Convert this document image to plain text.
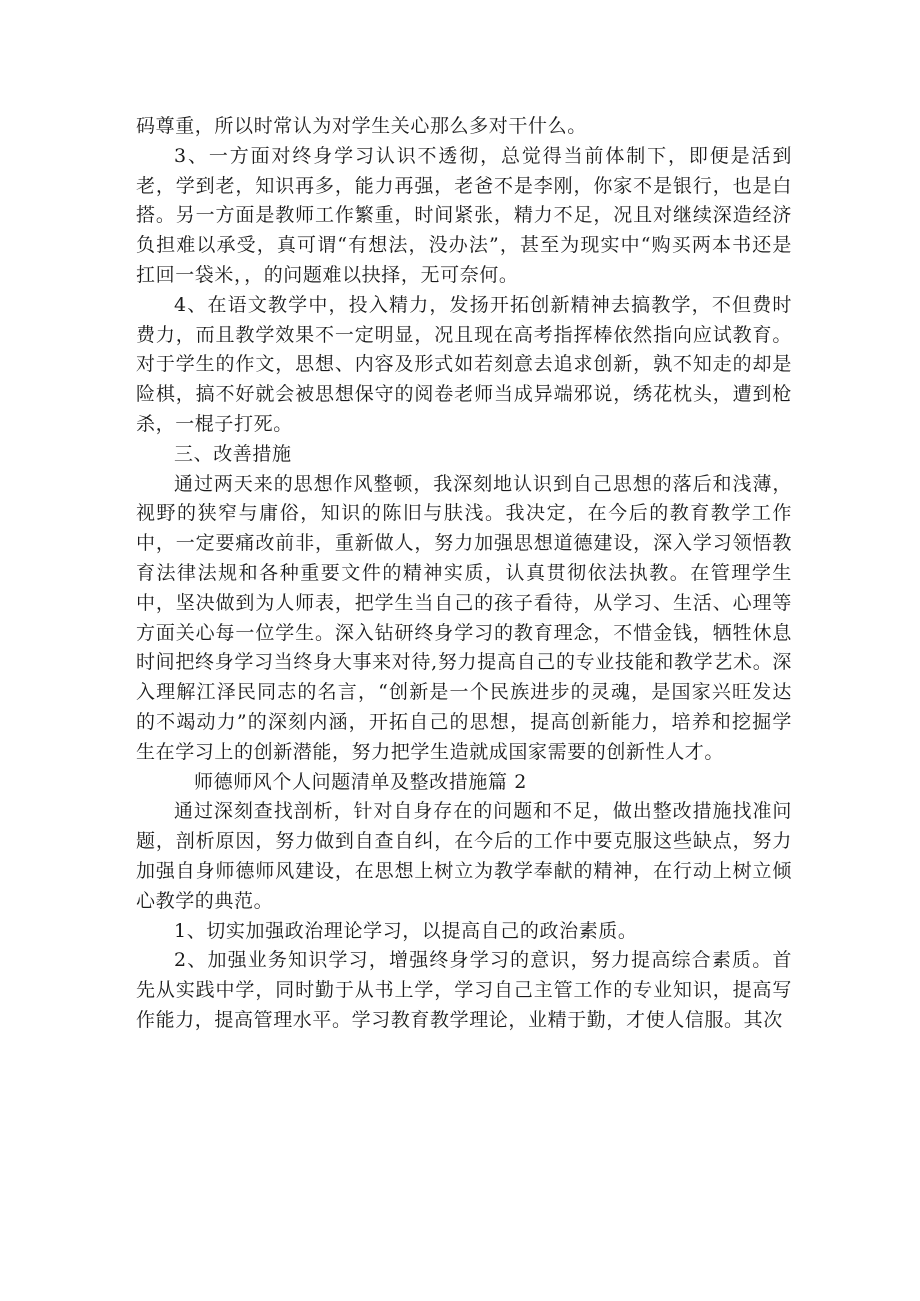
码尊重，所以时常认为对学生关心那么多对干什么。

3、一方面对终身学习认识不透彻，总觉得当前体制下，即便是活到老，学到老，知识再多，能力再强，老爸不是李刚，你家不是银行，也是白搭。另一方面是教师工作繁重，时间紧张，精力不足，况且对继续深造经济负担难以承受，真可谓“有想法，没办法”，甚至为现实中“购买两本书还是扛回一袋米，，的问题难以抉择，无可奈何。

4、在语文教学中，投入精力，发扬开拓创新精神去搞教学，不但费时费力，而且教学效果不一定明显，况且现在高考指挥棒依然指向应试教育。对于学生的作文，思想、内容及形式如若刻意去追求创新，孰不知走的却是险棋，搞不好就会被思想保守的阅卷老师当成异端邪说，绣花枕头，遭到枪杀，一棍子打死。

三、改善措施

通过两天来的思想作风整顿，我深刻地认识到自己思想的落后和浅薄，视野的狭窄与庸俗，知识的陈旧与肤浅。我决定，在今后的教育教学工作中，一定要痛改前非，重新做人，努力加强思想道德建设，深入学习领悟教育法律法规和各种重要文件的精神实质，认真贯彻依法执教。在管理学生中，坚决做到为人师表，把学生当自己的孩子看待，从学习、生活、心理等方面关心每一位学生。深入钻研终身学习的教育理念，不惜金钱，牺牲休息时间把终身学习当终身大事来对待,努力提高自己的专业技能和教学艺术。深入理解江泽民同志的名言，“创新是一个民族进步的灵魂，是国家兴旺发达的不竭动力”的深刻内涵，开拓自己的思想，提高创新能力，培养和挖掘学生在学习上的创新潜能，努力把学生造就成国家需要的创新性人才。

师德师风个人问题清单及整改措施篇 2

通过深刻查找剖析，针对自身存在的问题和不足，做出整改措施找准问题，剖析原因，努力做到自查自纠，在今后的工作中要克服这些缺点，努力加强自身师德师风建设，在思想上树立为教学奉献的精神，在行动上树立倾心教学的典范。

1、切实加强政治理论学习，以提高自己的政治素质。

2、加强业务知识学习，增强终身学习的意识，努力提高综合素质。首先从实践中学，同时勤于从书上学，学习自己主管工作的专业知识，提高写作能力，提高管理水平。学习教育教学理论，业精于勤，才使人信服。其次
